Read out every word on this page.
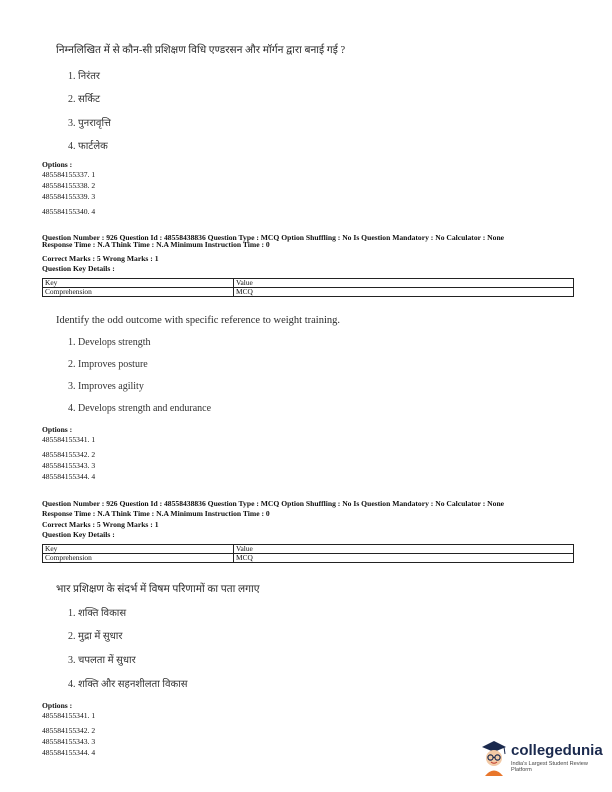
निम्नलिखित में से कौन-सी प्रशिक्षण विधि एण्डरसन और मॉर्गन द्वारा बनाई गई ?
1. निरंतर
2. सर्किट
3. पुनरावृत्ति
4. फार्टलेक
Options :
485584155337. 1
485584155338. 2
485584155339. 3
485584155340. 4
Question Number : 926 Question Id : 48558438836 Question Type : MCQ Option Shuffling : No Is Question Mandatory : No Calculator : None
Response Time : N.A Think Time : N.A Minimum Instruction Time : 0
Correct Marks : 5 Wrong Marks : 1
Question Key Details :
Key	Value
Comprehension	MCQ
Identify the odd outcome with specific reference to weight training.
1. Develops strength
2. Improves posture
3. Improves agility
4. Develops strength and endurance
Options :
485584155341. 1
485584155342. 2
485584155343. 3
485584155344. 4
Question Number : 926 Question Id : 48558438836 Question Type : MCQ Option Shuffling : No Is Question Mandatory : No Calculator : None
Response Time : N.A Think Time : N.A Minimum Instruction Time : 0
Correct Marks : 5 Wrong Marks : 1
Question Key Details :
Key	Value
Comprehension	MCQ
भार प्रशिक्षण के संदर्भ में विषम परिणामों का पता लगाए
1. शक्ति विकास
2. मुद्रा में सुधार
3. चपलता में सुधार
4. शक्ति और सहनशीलता विकास
Options :
485584155341. 1
485584155342. 2
485584155343. 3
485584155344. 4	collegedunia
India's Largest Student Review Platform
